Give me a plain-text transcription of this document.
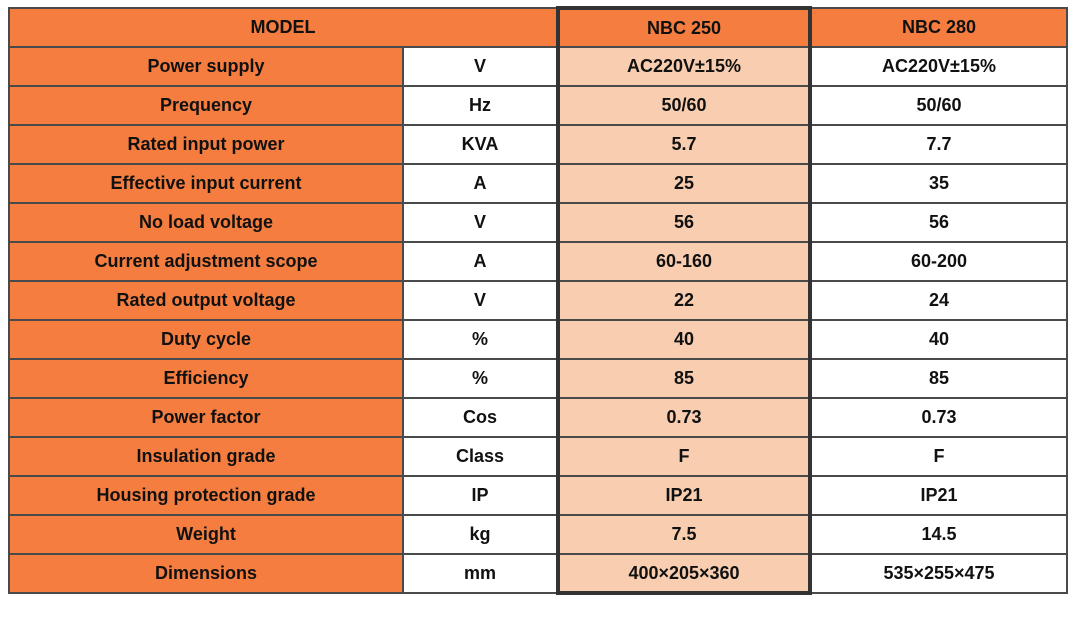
MODEL		NBC 250	NBC 280
Power supply	V	AC220V±15%	AC220V±15%
Prequency	Hz	50/60	50/60
Rated input power	KVA	5.7	7.7
Effective input current	A	25	35
No load voltage	V	56	56
Current adjustment scope	A	60-160	60-200
Rated output voltage	V	22	24
Duty cycle	%	40	40
Efficiency	%	85	85
Power factor	Cos	0.73	0.73
Insulation grade	Class	F	F
Housing protection grade	IP	IP21	IP21
Weight	kg	7.5	14.5
Dimensions	mm	400×205×360	535×255×475
